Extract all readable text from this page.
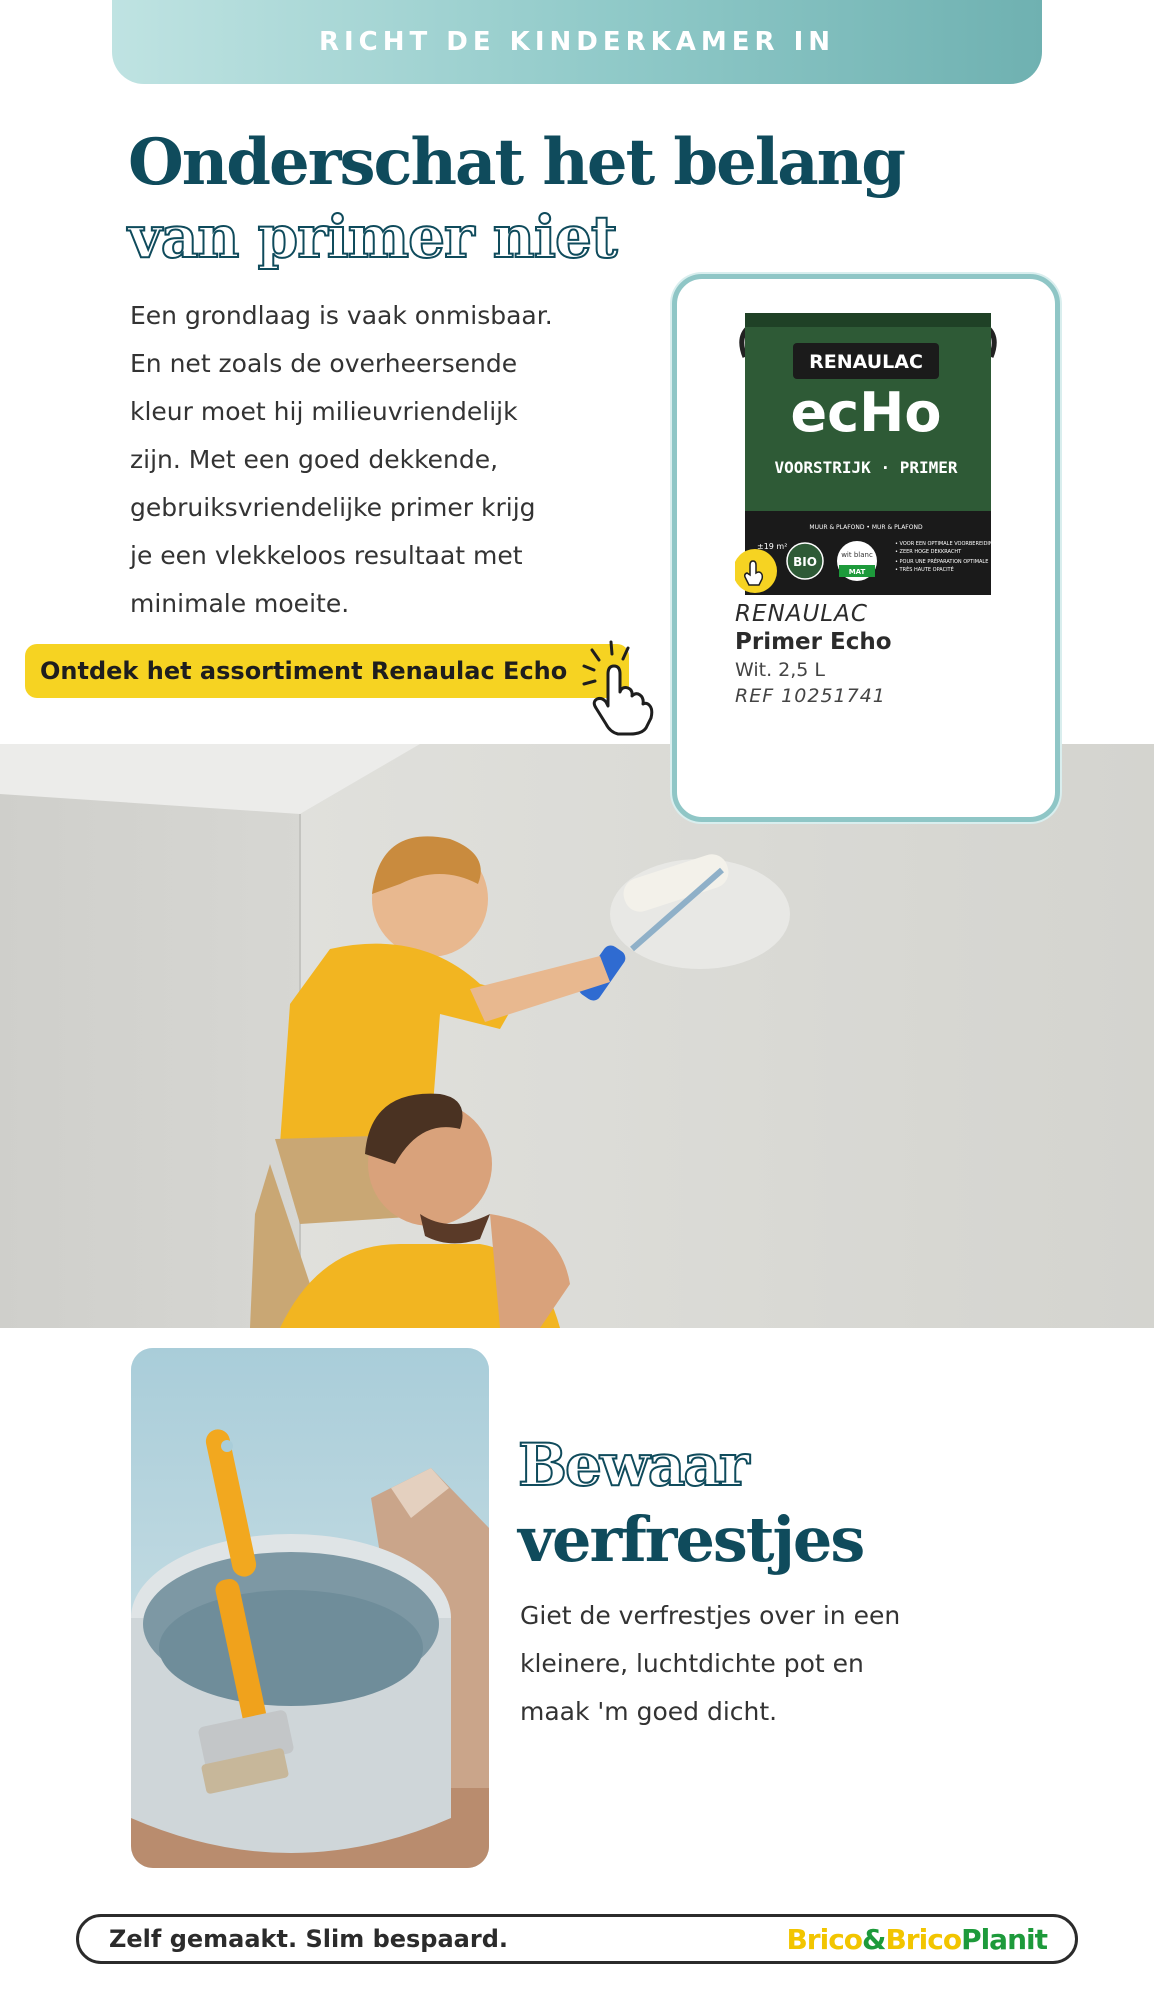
RICHT DE KINDERKAMER IN
Onderschat het belang
van primer niet
Een grondlaag is vaak onmisbaar.
En net zoals de overheersende
kleur moet hij milieuvriendelijk
zijn. Met een goed dekkende,
gebruiksvriendelijke primer krijg
je een vlekkeloos resultaat met
minimale moeite.
Ontdek het assortiment Renaulac Echo
RENAULAC
ecHo
VOORSTRIJK · PRIMER
MUUR & PLAFOND • MUR & PLAFOND
±19 m²
BIO	wit blanc
MAT
• VOOR EEN OPTIMALE VOORBEREIDING
• ZEER HOGE DEKKRACHT
• POUR UNE PRÉPARATION OPTIMALE
• TRÈS HAUTE OPACITÉ
RENAULAC
Primer Echo
Wit. 2,5 L
REF 10251741
Bewaar
verfrestjes
Giet de verfrestjes over in een
kleinere, luchtdichte pot en
maak 'm goed dicht.
Zelf gemaakt. Slim bespaard.	Brico&BricoPlanit
